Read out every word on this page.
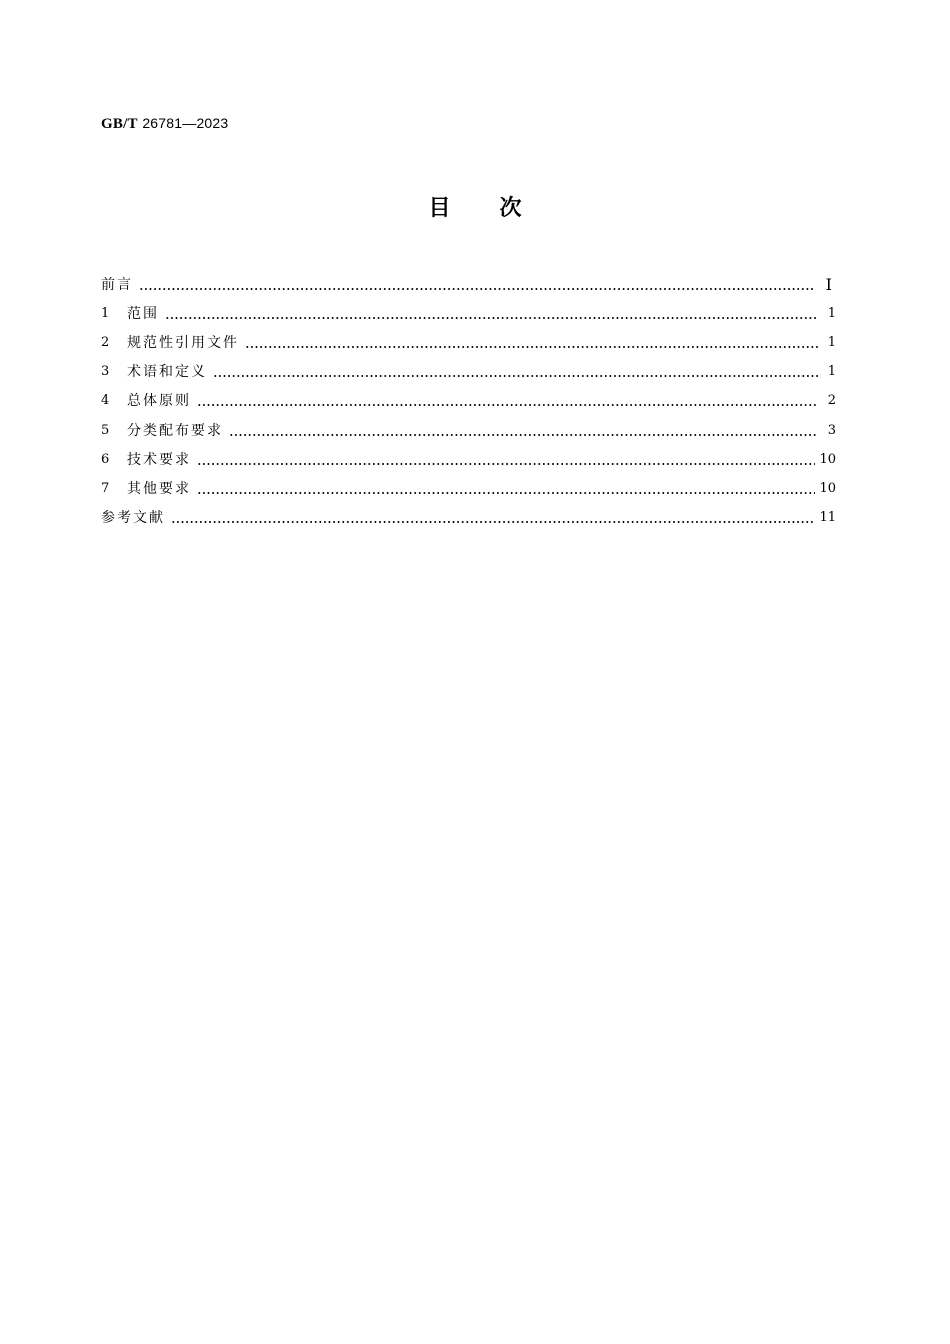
GB/T 26781—2023
目次
前言	Ⅰ
1	范围	1
2	规范性引用文件	1
3	术语和定义	1
4	总体原则	2
5	分类配布要求	3
6	技术要求	10
7	其他要求	10
参考文献	11
